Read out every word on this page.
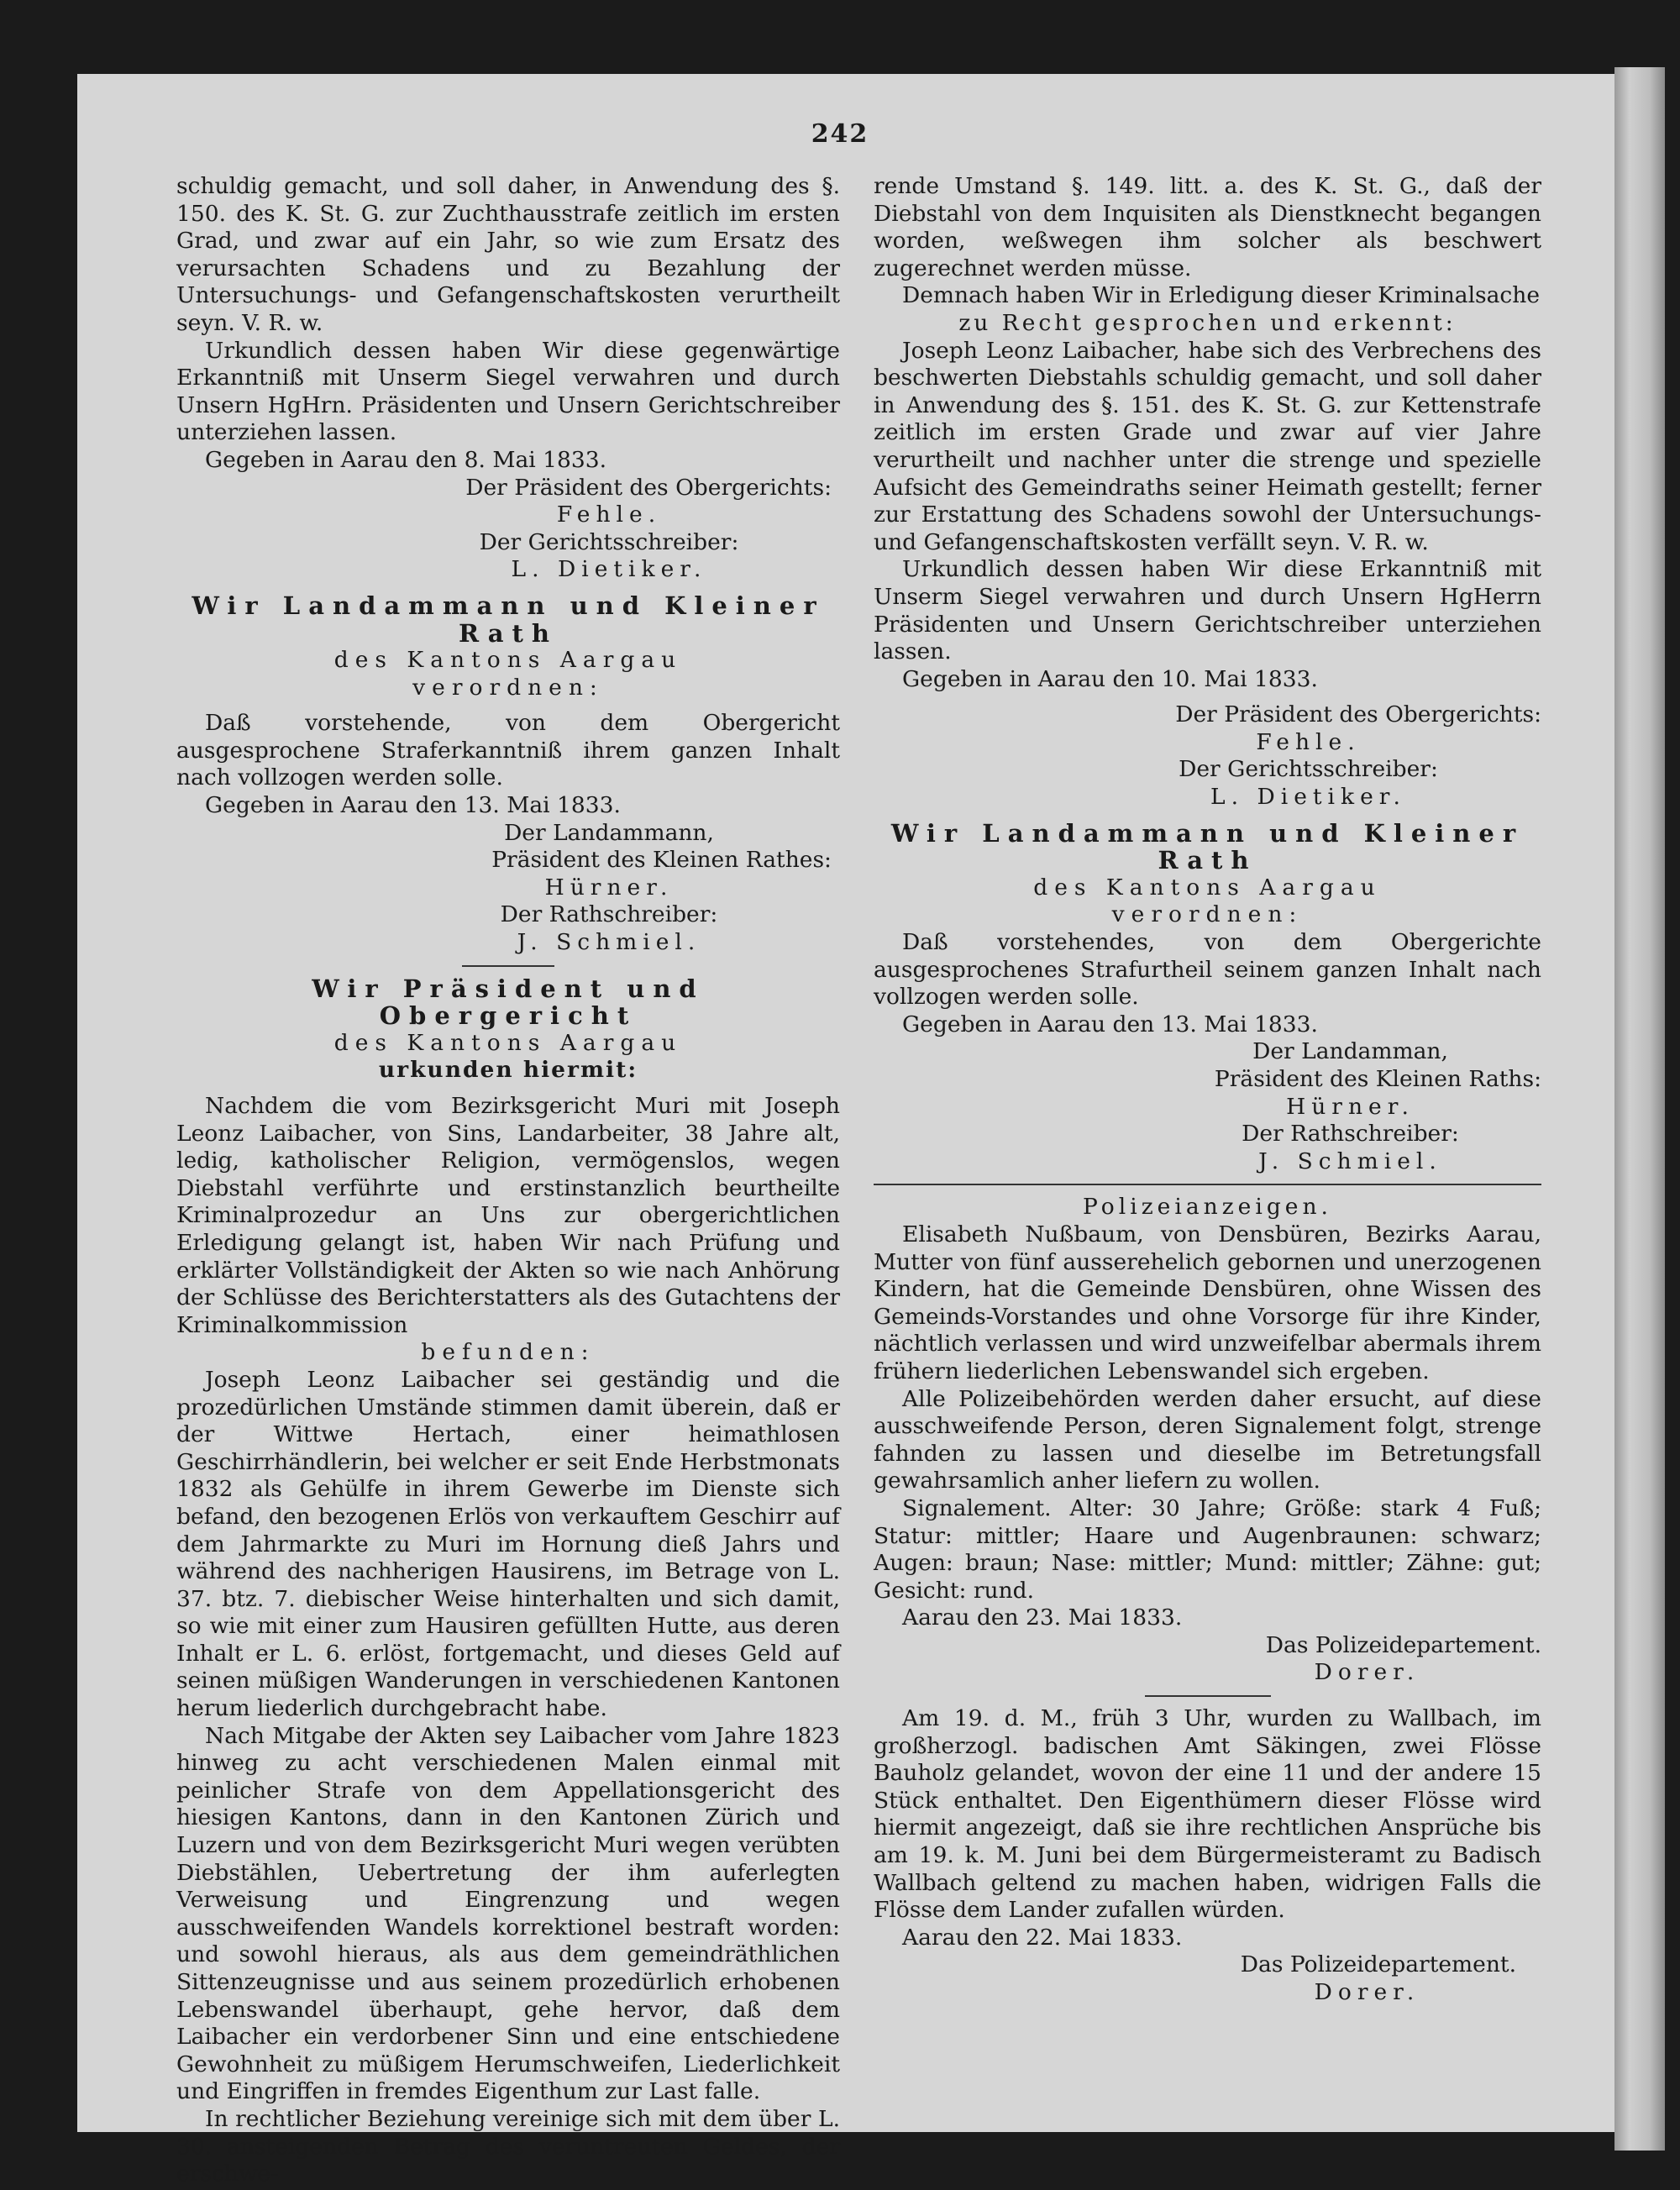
242

schuldig gemacht, und soll daher, in Anwendung des §. 150. des K. St. G. zur Zuchthausstrafe zeitlich im ersten Grad, und zwar auf ein Jahr, so wie zum Ersatz des verursachten Schadens und zu Bezahlung der Untersuchungs- und Gefangenschaftskosten verurtheilt seyn. V. R. w.

Urkundlich dessen haben Wir diese gegenwärtige Erkanntniß mit Unserm Siegel verwahren und durch Unsern HgHrn. Präsidenten und Unsern Gerichtschreiber unterziehen lassen.

Gegeben in Aarau den 8. Mai 1833.

Der Präsident des Obergerichts:

Fehle.

Der Gerichtsschreiber:

L. Dietiker.

Wir Landammann und Kleiner Rath

des Kantons Aargau

verordnen:

Daß vorstehende, von dem Obergericht ausgesprochene Straferkanntniß ihrem ganzen Inhalt nach vollzogen werden solle.

Gegeben in Aarau den 13. Mai 1833.

Der Landammann,

Präsident des Kleinen Rathes:

Hürner.

Der Rathschreiber:

J. Schmiel.

Wir Präsident und Obergericht

des Kantons Aargau

urkunden hiermit:

Nachdem die vom Bezirksgericht Muri mit Joseph Leonz Laibacher, von Sins, Landarbeiter, 38 Jahre alt, ledig, katholischer Religion, vermögenslos, wegen Diebstahl verführte und erstinstanzlich beurtheilte Kriminalprozedur an Uns zur obergerichtlichen Erledigung gelangt ist, haben Wir nach Prüfung und erklärter Vollständigkeit der Akten so wie nach Anhörung der Schlüsse des Berichterstatters als des Gutachtens der Kriminalkommission

befunden:

Joseph Leonz Laibacher sei geständig und die prozedürlichen Umstände stimmen damit überein, daß er der Wittwe Hertach, einer heimathlosen Geschirrhändlerin, bei welcher er seit Ende Herbstmonats 1832 als Gehülfe in ihrem Gewerbe im Dienste sich befand, den bezogenen Erlös von verkauftem Geschirr auf dem Jahrmarkte zu Muri im Hornung dieß Jahrs und während des nachherigen Hausirens, im Betrage von L. 37. btz. 7. diebischer Weise hinterhalten und sich damit, so wie mit einer zum Hausiren gefüllten Hutte, aus deren Inhalt er L. 6. erlöst, fortgemacht, und dieses Geld auf seinen müßigen Wanderungen in verschiedenen Kantonen herum liederlich durchgebracht habe.

Nach Mitgabe der Akten sey Laibacher vom Jahre 1823 hinweg zu acht verschiedenen Malen einmal mit peinlicher Strafe von dem Appellationsgericht des hiesigen Kantons, dann in den Kantonen Zürich und Luzern und von dem Bezirksgericht Muri wegen verübten Diebstählen, Uebertretung der ihm auferlegten Verweisung und Eingrenzung und wegen ausschweifenden Wandels korrektionel bestraft worden: und sowohl hieraus, als aus dem gemeindräthlichen Sittenzeugnisse und aus seinem prozedürlich erhobenen Lebenswandel überhaupt, gehe hervor, daß dem Laibacher ein verdorbener Sinn und eine entschiedene Gewohnheit zu müßigem Herumschweifen, Liederlichkeit und Eingriffen in fremdes Eigenthum zur Last falle.

In rechtlicher Beziehung vereinige sich mit dem über L. 30. ansteigenden Betrag des veruntreuten Geldes, der erschwe-

rende Umstand §. 149. litt. a. des K. St. G., daß der Diebstahl von dem Inquisiten als Dienstknecht begangen worden, weßwegen ihm solcher als beschwert zugerechnet werden müsse.

Demnach haben Wir in Erledigung dieser Kriminalsache

zu Recht gesprochen und erkennt:

Joseph Leonz Laibacher, habe sich des Verbrechens des beschwerten Diebstahls schuldig gemacht, und soll daher in Anwendung des §. 151. des K. St. G. zur Kettenstrafe zeitlich im ersten Grade und zwar auf vier Jahre verurtheilt und nachher unter die strenge und spezielle Aufsicht des Gemeindraths seiner Heimath gestellt; ferner zur Erstattung des Schadens sowohl der Untersuchungs- und Gefangenschaftskosten verfällt seyn. V. R. w.

Urkundlich dessen haben Wir diese Erkanntniß mit Unserm Siegel verwahren und durch Unsern HgHerrn Präsidenten und Unsern Gerichtschreiber unterziehen lassen.

Gegeben in Aarau den 10. Mai 1833.

Der Präsident des Obergerichts:

Fehle.

Der Gerichtsschreiber:

L. Dietiker.

Wir Landammann und Kleiner Rath

des Kantons Aargau

verordnen:

Daß vorstehendes, von dem Obergerichte ausgesprochenes Strafurtheil seinem ganzen Inhalt nach vollzogen werden solle.

Gegeben in Aarau den 13. Mai 1833.

Der Landamman,

Präsident des Kleinen Raths:

Hürner.

Der Rathschreiber:

J. Schmiel.

Polizeianzeigen.

Elisabeth Nußbaum, von Densbüren, Bezirks Aarau, Mutter von fünf ausserehelich gebornen und unerzogenen Kindern, hat die Gemeinde Densbüren, ohne Wissen des Gemeinds-Vorstandes und ohne Vorsorge für ihre Kinder, nächtlich verlassen und wird unzweifelbar abermals ihrem frühern liederlichen Lebenswandel sich ergeben.

Alle Polizeibehörden werden daher ersucht, auf diese ausschweifende Person, deren Signalement folgt, strenge fahnden zu lassen und dieselbe im Betretungsfall gewahrsamlich anher liefern zu wollen.

Signalement. Alter: 30 Jahre; Größe: stark 4 Fuß; Statur: mittler; Haare und Augenbraunen: schwarz; Augen: braun; Nase: mittler; Mund: mittler; Zähne: gut; Gesicht: rund.

Aarau den 23. Mai 1833.

Das Polizeidepartement.

Dorer.

Am 19. d. M., früh 3 Uhr, wurden zu Wallbach, im großherzogl. badischen Amt Säkingen, zwei Flösse Bauholz gelandet, wovon der eine 11 und der andere 15 Stück enthaltet. Den Eigenthümern dieser Flösse wird hiermit angezeigt, daß sie ihre rechtlichen Ansprüche bis am 19. k. M. Juni bei dem Bürgermeisteramt zu Badisch Wallbach geltend zu machen haben, widrigen Falls die Flösse dem Lander zufallen würden.

Aarau den 22. Mai 1833.

Das Polizeidepartement.

Dorer.
